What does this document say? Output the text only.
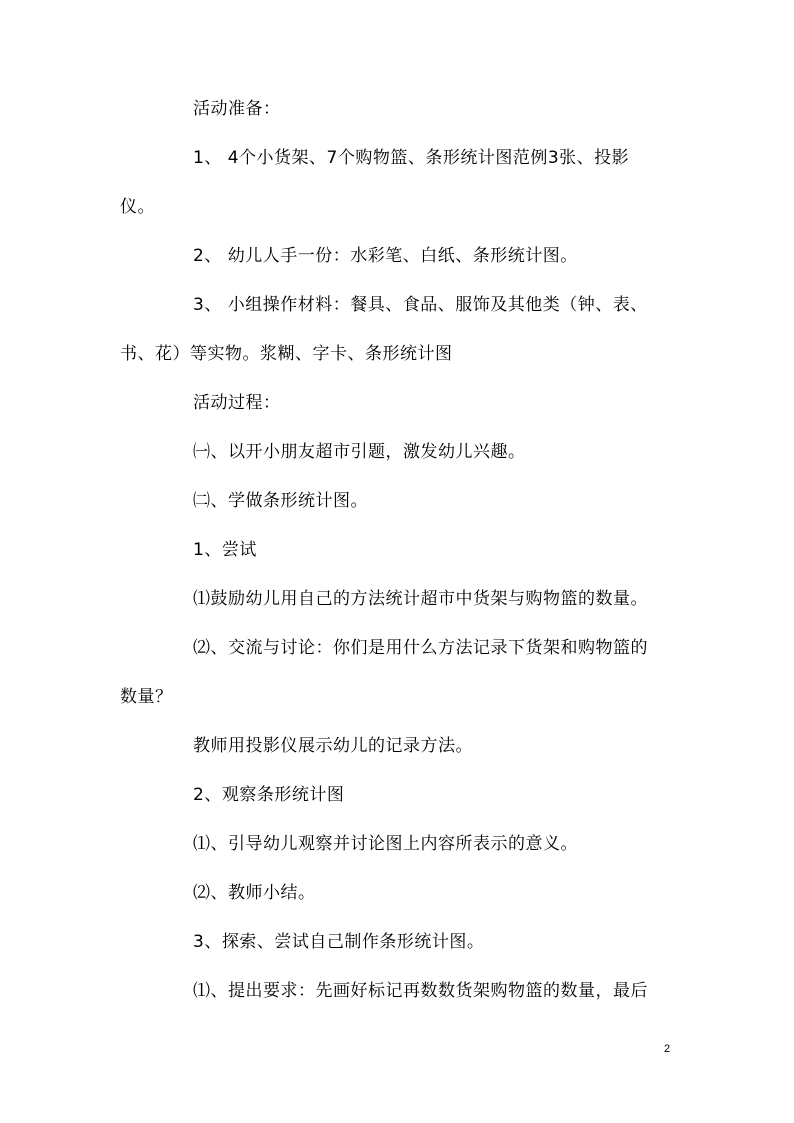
活动准备：
1、 4个小货架、7个购物篮、条形统计图范例3张、投影
仪。
2、 幼儿人手一份：水彩笔、白纸、条形统计图。
3、 小组操作材料：餐具、食品、服饰及其他类（钟、表、
书、花）等实物。浆糊、字卡、条形统计图
活动过程：
㈠、以开小朋友超市引题，激发幼儿兴趣。
㈡、学做条形统计图。
1、尝试
⑴鼓励幼儿用自己的方法统计超市中货架与购物篮的数量。
⑵、交流与讨论：你们是用什么方法记录下货架和购物篮的
数量？
教师用投影仪展示幼儿的记录方法。
2、观察条形统计图
⑴、引导幼儿观察并讨论图上内容所表示的意义。
⑵、教师小结。
3、探索、尝试自己制作条形统计图。
⑴、提出要求：先画好标记再数数货架购物篮的数量，最后
2
